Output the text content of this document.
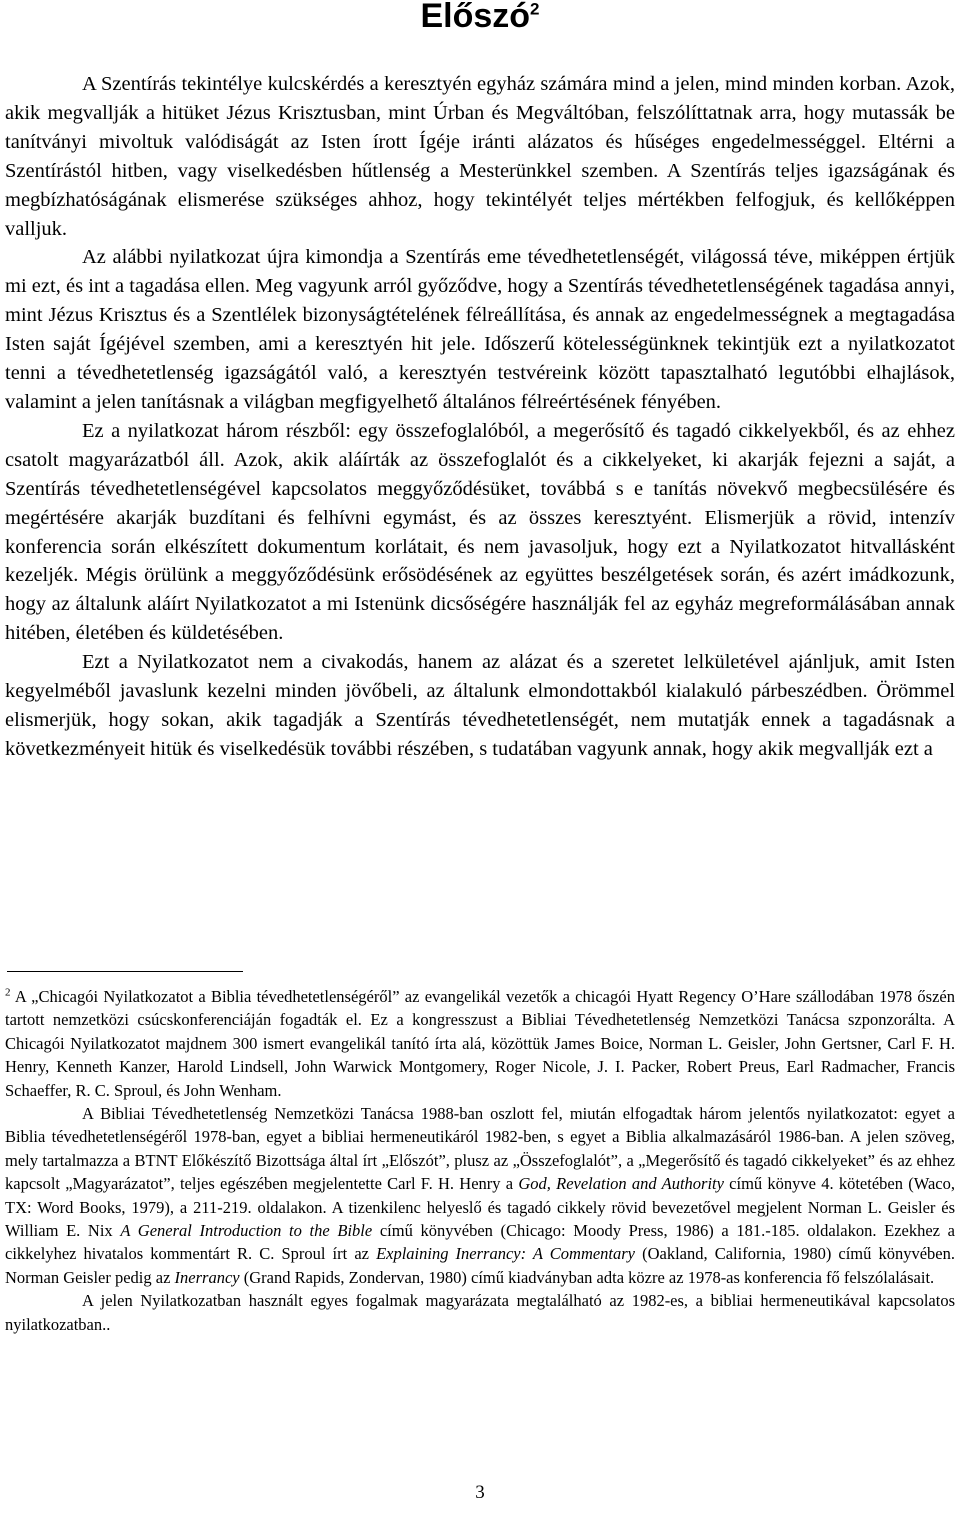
Előszó$^2$

A Szentírás tekintélye kulcskérdés a keresztyén egyház számára mind a jelen, mind minden korban. Azok, akik megvallják a hitüket Jézus Krisztusban, mint Úrban és Megváltóban, felszólíttatnak arra, hogy mutassák be tanítványi mivoltuk valódiságát az Isten írott Ígéje iránti alázatos és hűséges engedelmességgel. Eltérni a Szentírástól hitben, vagy viselkedésben hűtlenség a Mesterünkkel szemben. A Szentírás teljes igazságának és megbízhatóságának elismerése szükséges ahhoz, hogy tekintélyét teljes mértékben felfogjuk, és kellőképpen valljuk.

Az alábbi nyilatkozat újra kimondja a Szentírás eme tévedhetetlenségét, világossá téve, miképpen értjük mi ezt, és int a tagadása ellen. Meg vagyunk arról győződve, hogy a Szentírás tévedhetetlenségének tagadása annyi, mint Jézus Krisztus és a Szentlélek bizonyságtételének félreállítása, és annak az engedelmességnek a megtagadása Isten saját Ígéjével szemben, ami a keresztyén hit jele. Időszerű kötelességünknek tekintjük ezt a nyilatkozatot tenni a tévedhetetlenség igazságától való, a keresztyén testvéreink között tapasztalható legutóbbi elhajlások, valamint a jelen tanításnak a világban megfigyelhető általános félreértésének fényében.

Ez a nyilatkozat három részből: egy összefoglalóból, a megerősítő és tagadó cikkelyekből, és az ehhez csatolt magyarázatból áll. Azok, akik aláírták az összefoglalót és a cikkelyeket, ki akarják fejezni a saját, a Szentírás tévedhetetlenségével kapcsolatos meggyőződésüket, továbbá s e tanítás növekvő megbecsülésére és megértésére akarják buzdítani és felhívni egymást, és az összes keresztyént. Elismerjük a rövid, intenzív konferencia során elkészített dokumentum korlátait, és nem javasoljuk, hogy ezt a Nyilatkozatot hitvallásként kezeljék. Mégis örülünk a meggyőződésünk erősödésének az együttes beszélgetések során, és azért imádkozunk, hogy az általunk aláírt Nyilatkozatot a mi Istenünk dicsőségére használják fel az egyház megreformálásában annak hitében, életében és küldetésében.

Ezt a Nyilatkozatot nem a civakodás, hanem az alázat és a szeretet lelkületével ajánljuk, amit Isten kegyelméből javaslunk kezelni minden jövőbeli, az általunk elmondottakból kialakuló párbeszédben. Örömmel elismerjük, hogy sokan, akik tagadják a Szentírás tévedhetetlenségét, nem mutatják ennek a tagadásnak a következményeit hitük és viselkedésük további részében, s tudatában vagyunk annak, hogy akik megvallják ezt a

$^2$ A „Chicagói Nyilatkozatot a Biblia tévedhetetlenségéről” az evangelikál vezetők a chicagói Hyatt Regency O’Hare szállodában 1978 őszén tartott nemzetközi csúcskonferenciáján fogadták el. Ez a kongresszust a Bibliai Tévedhetetlenség Nemzetközi Tanácsa szponzorálta. A Chicagói Nyilatkozatot majdnem 300 ismert evangelikál tanító írta alá, közöttük James Boice, Norman L. Geisler, John Gertsner, Carl F. H. Henry, Kenneth Kanzer, Harold Lindsell, John Warwick Montgomery, Roger Nicole, J. I. Packer, Robert Preus, Earl Radmacher, Francis Schaeffer, R. C. Sproul, és John Wenham.

A Bibliai Tévedhetetlenség Nemzetközi Tanácsa 1988-ban oszlott fel, miután elfogadtak három jelentős nyilatkozatot: egyet a Biblia tévedhetetlenségéről 1978-ban, egyet a bibliai hermeneutikáról 1982-ben, s egyet a Biblia alkalmazásáról 1986-ban. A jelen szöveg, mely tartalmazza a BTNT Előkészítő Bizottsága által írt „Előszót”, plusz az „Összefoglalót”, a „Megerősítő és tagadó cikkelyeket” és az ehhez kapcsolt „Magyarázatot”, teljes egészében megjelentette Carl F. H. Henry a God, Revelation and Authority című könyve 4. kötetében (Waco, TX: Word Books, 1979), a 211-219. oldalakon. A tizenkilenc helyeslő és tagadó cikkely rövid bevezetővel megjelent Norman L. Geisler és William E. Nix A General Introduction to the Bible című könyvében (Chicago: Moody Press, 1986) a 181.-185. oldalakon. Ezekhez a cikkelyhez hivatalos kommentárt R. C. Sproul írt az Explaining Inerrancy: A Commentary (Oakland, California, 1980) című könyvében. Norman Geisler pedig az Inerrancy (Grand Rapids, Zondervan, 1980) című kiadványban adta közre az 1978-as konferencia fő felszólalásait.

A jelen Nyilatkozatban használt egyes fogalmak magyarázata megtalálható az 1982-es, a bibliai hermeneutikával kapcsolatos nyilatkozatban..

3
